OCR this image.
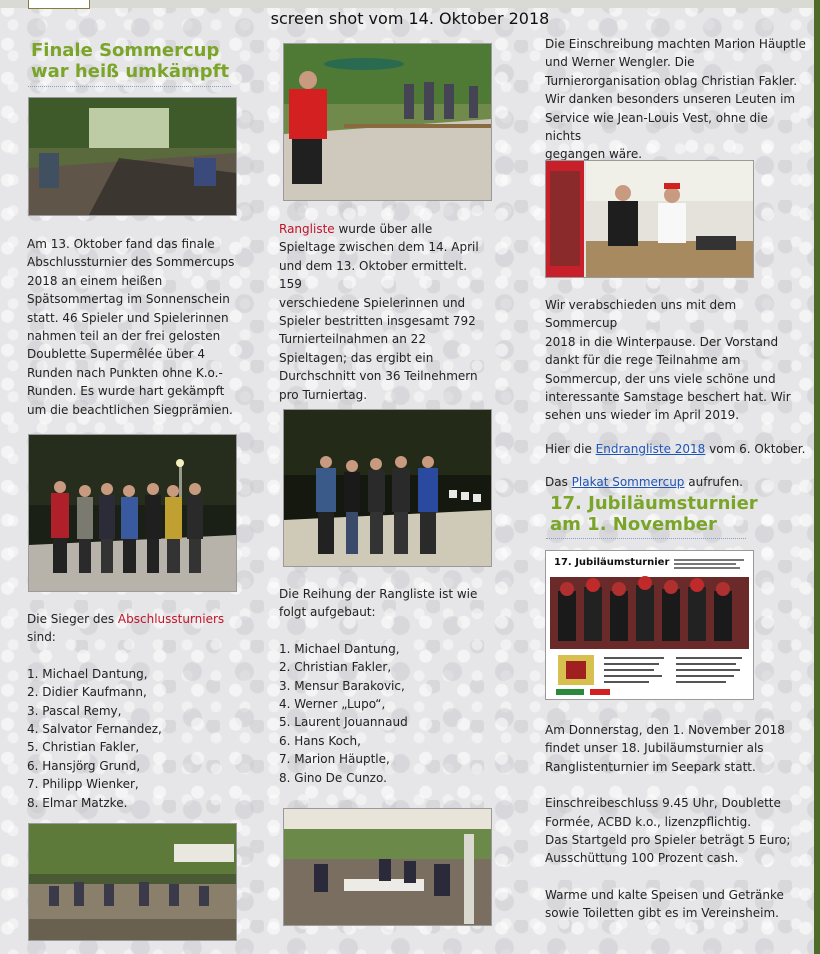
screen shot vom 14. Oktober 2018
Finale Sommercup
war heiß umkämpft

Am 13. Oktober fand das finale

Abschlussturnier des Sommercups

2018 an einem heißen

Spätsommertag im Sonnenschein

statt. 46 Spieler und Spielerinnen

nahmen teil an der frei gelosten

Doublette Supermêlée über 4

Runden nach Punkten ohne K.o.-

Runden. Es wurde hart gekämpft

um die beachtlichen Siegprämien.

Die Sieger des Abschlussturniers

sind:

1. Michael Dantung,
2. Didier Kaufmann,
3. Pascal Remy,
4. Salvator Fernandez,
5. Christian Fakler,
6. Hansjörg Grund,
7. Philipp Wienker,
8. Elmar Matzke.

Rangliste wurde über alle

Spieltage zwischen dem 14. April

und dem 13. Oktober ermittelt. 159

verschiedene Spielerinnen und

Spieler bestritten insgesamt 792

Turnierteilnahmen an 22

Spieltagen; das ergibt ein

Durchschnitt von 36 Teilnehmern

pro Turniertag.

Die Reihung der Rangliste ist wie

folgt aufgebaut:

1. Michael Dantung,
2. Christian Fakler,
3. Mensur Barakovic,
4. Werner „Lupo“,
5. Laurent Jouannaud
6. Hans Koch,
7. Marion Häuptle,
8. Gino De Cunzo.

Die Einschreibung machten Marion Häuptle

und Werner Wengler. Die

Turnierorganisation oblag Christian Fakler.

Wir danken besonders unseren Leuten im

Service wie Jean-Louis Vest, ohne die nichts

gegangen wäre.

Wir verabschieden uns mit dem Sommercup

2018 in die Winterpause. Der Vorstand

dankt für die rege Teilnahme am

Sommercup, der uns viele schöne und

interessante Samstage beschert hat. Wir

sehen uns wieder im April 2019.

Hier die Endrangliste 2018 vom 6. Oktober.

Das Plakat Sommercup aufrufen.

17. Jubiläumsturnier
am 1. November
17. Jubiläumsturnier

Am Donnerstag, den 1. November 2018

findet unser 18. Jubiläumsturnier als

Ranglistenturnier im Seepark statt.

Einschreibeschluss 9.45 Uhr, Doublette

Formée, ACBD k.o., lizenzpflichtig.

Das Startgeld pro Spieler beträgt 5 Euro;

Ausschüttung 100 Prozent cash.

Warme und kalte Speisen und Getränke

sowie Toiletten gibt es im Vereinsheim.
